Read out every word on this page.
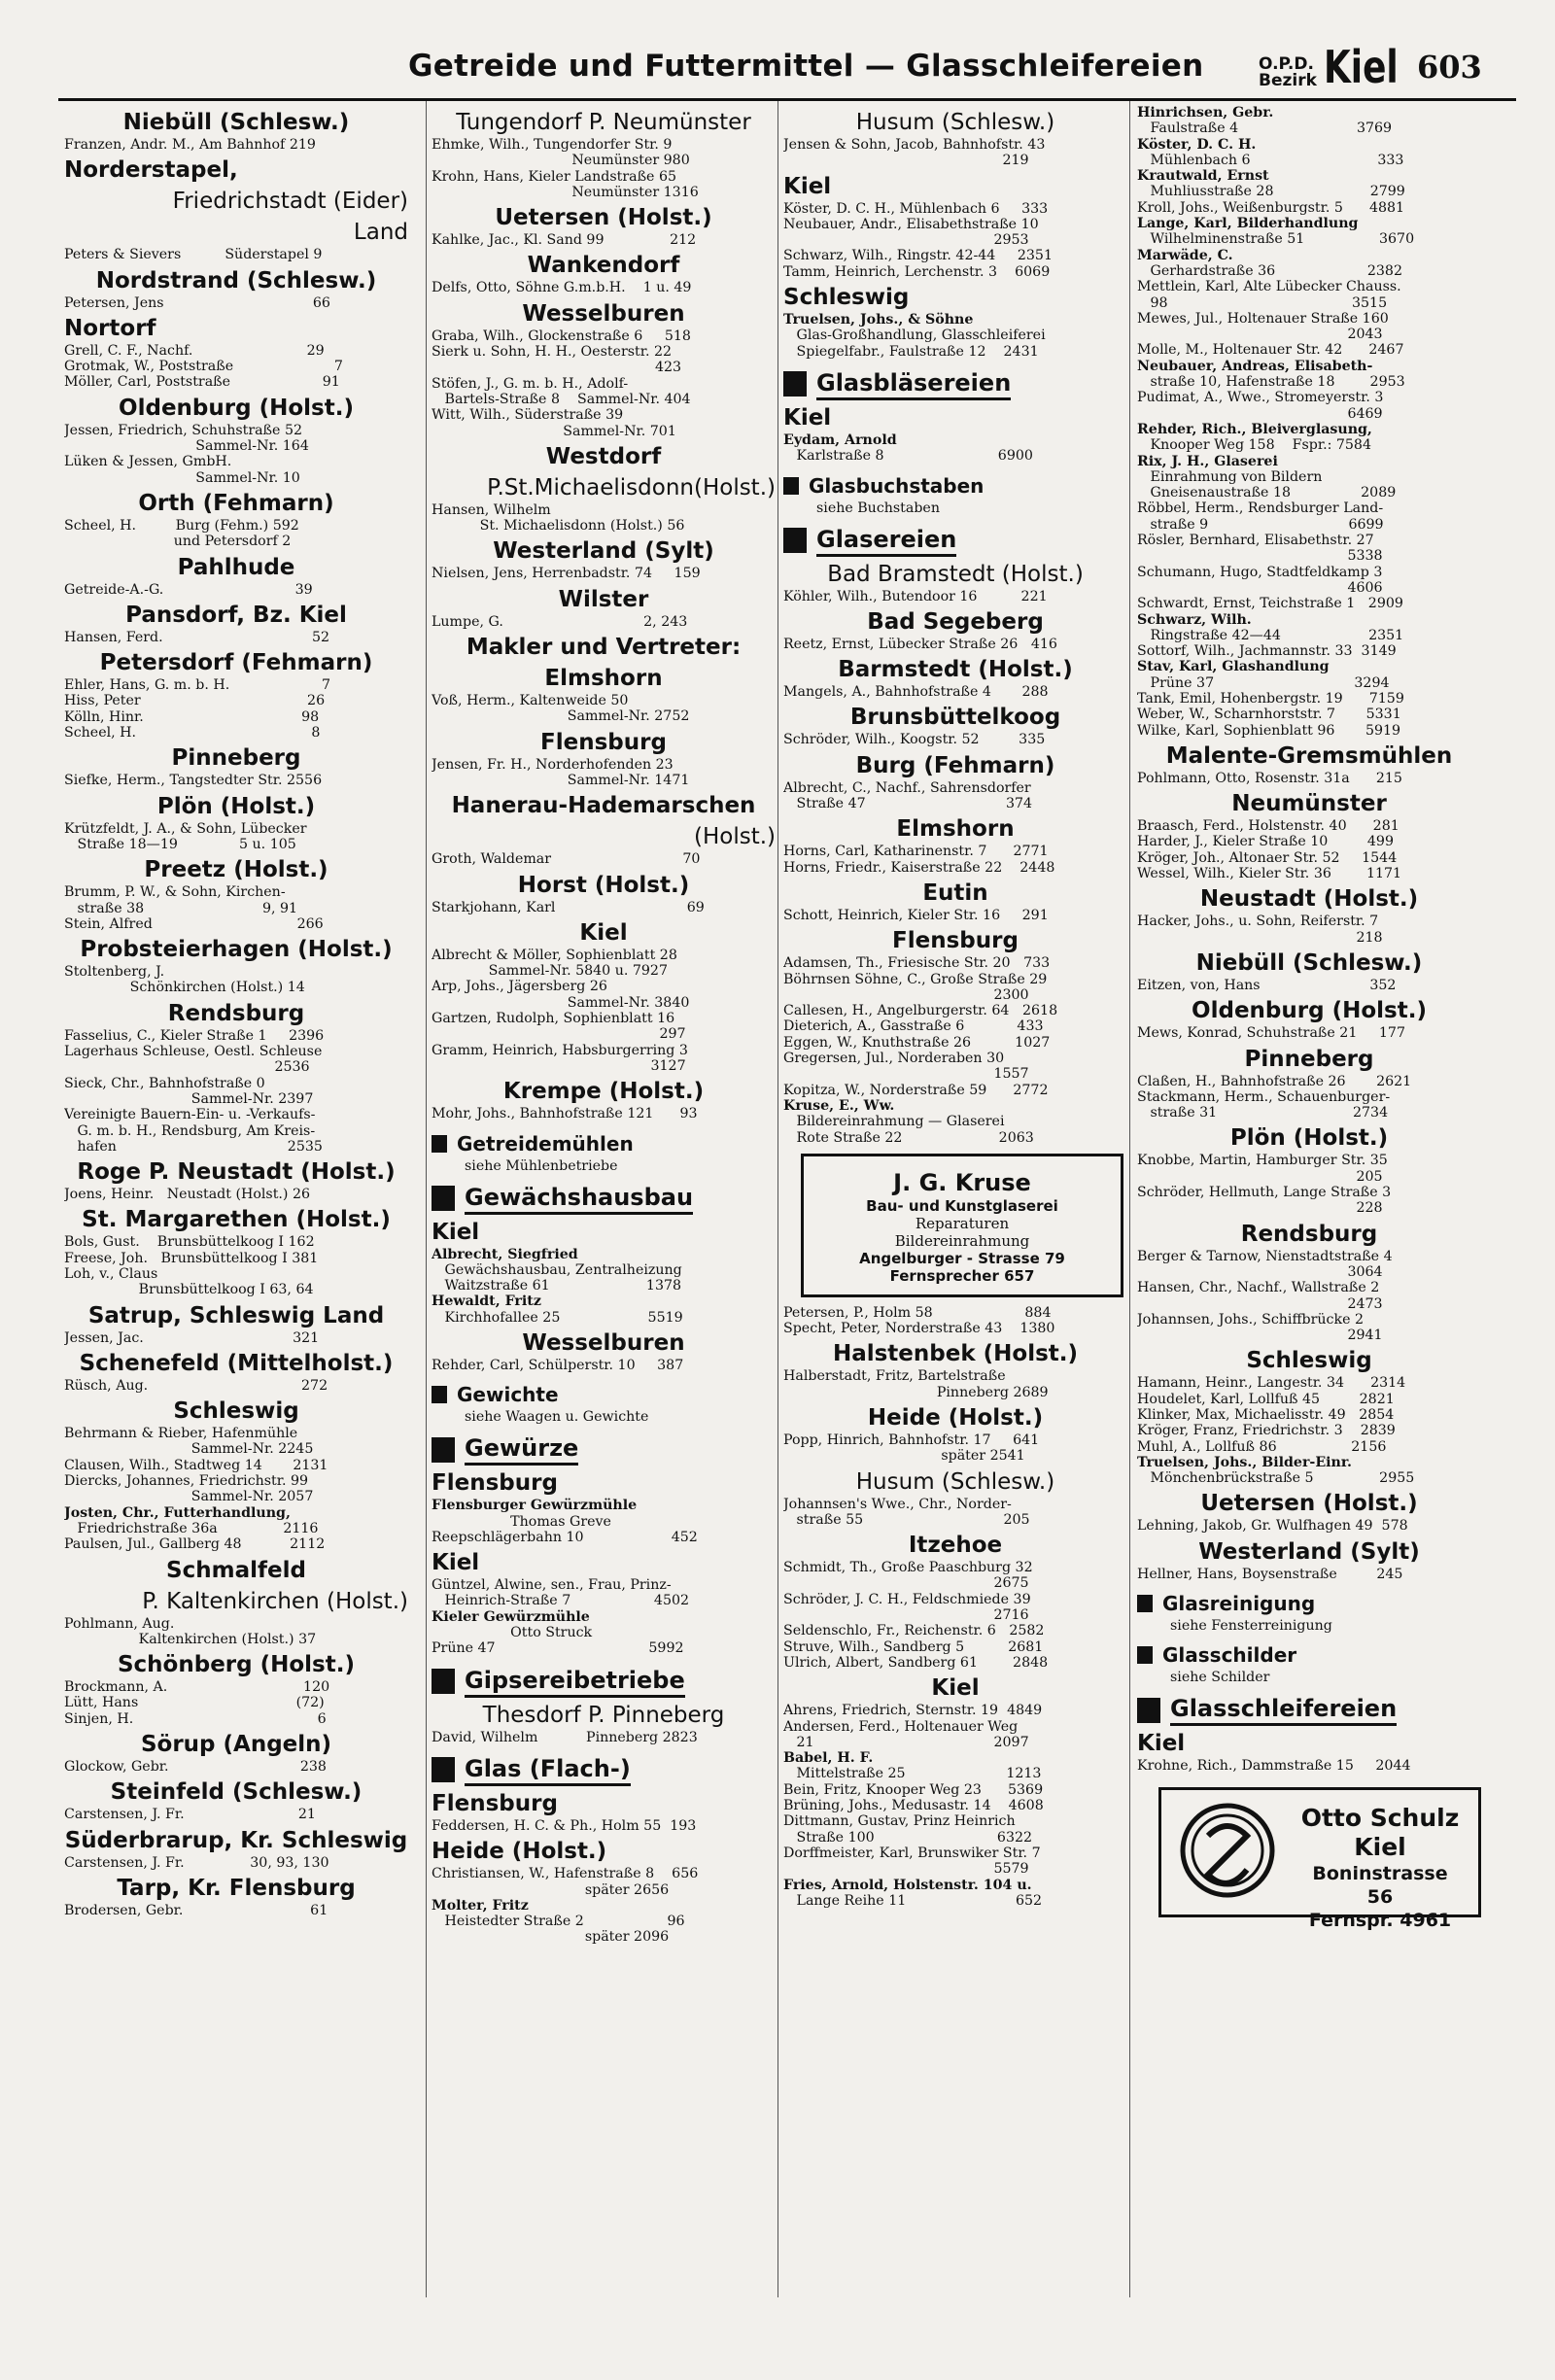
Getreide und Futtermittel — Glasschleifereien	O.P.D.
Bezirk Kiel 603
Niebüll (Schlesw.)
Franzen, Andr. M., Am Bahnhof 219
Norderstapel,
Friedrichstadt (Eider)
Land
Peters & Sievers          Süderstapel 9
Nordstrand (Schlesw.)
Petersen, Jens                                  66
Nortorf
Grell, C. F., Nachf.                          29
Grotmak, W., Poststraße                       7
Möller, Carl, Poststraße                     91
Oldenburg (Holst.)
Jessen, Friedrich, Schuhstraße 52
Sammel-Nr. 164
Lüken & Jessen, GmbH.
Sammel-Nr. 10
Orth (Fehmarn)
Scheel, H.         Burg (Fehm.) 592
und Petersdorf 2
Pahlhude
Getreide-A.-G.                              39
Pansdorf, Bz. Kiel
Hansen, Ferd.                                  52
Petersdorf (Fehmarn)
Ehler, Hans, G. m. b. H.                     7
Hiss, Peter                                      26
Kölln, Hinr.                                    98
Scheel, H.                                        8
Pinneberg
Siefke, Herm., Tangstedter Str. 2556
Plön (Holst.)
Krützfeldt, J. A., & Sohn, Lübecker
Straße 18—19              5 u. 105
Preetz (Holst.)
Brumm, P. W., & Sohn, Kirchen-
straße 38                           9, 91
Stein, Alfred                                 266
Probsteierhagen (Holst.)
Stoltenberg, J.
Schönkirchen (Holst.) 14
Rendsburg
Fasselius, C., Kieler Straße 1     2396
Lagerhaus Schleuse, Oestl. Schleuse
2536
Sieck, Chr., Bahnhofstraße 0
Sammel-Nr. 2397
Vereinigte Bauern-Ein- u. -Verkaufs-
G. m. b. H., Rendsburg, Am Kreis-
hafen                                       2535
Roge P. Neustadt (Holst.)
Joens, Heinr.   Neustadt (Holst.) 26
St. Margarethen (Holst.)
Bols, Gust.    Brunsbüttelkoog I 162
Freese, Joh.   Brunsbüttelkoog I 381
Loh, v., Claus
Brunsbüttelkoog I 63, 64
Satrup, Schleswig Land
Jessen, Jac.                                  321
Schenefeld (Mittelholst.)
Rüsch, Aug.                                   272
Schleswig
Behrmann & Rieber, Hafenmühle
Sammel-Nr. 2245
Clausen, Wilh., Stadtweg 14       2131
Diercks, Johannes, Friedrichstr. 99
Sammel-Nr. 2057
Josten, Chr., Futterhandlung,
Friedrichstraße 36a               2116
Paulsen, Jul., Gallberg 48           2112
Schmalfeld
P. Kaltenkirchen (Holst.)
Pohlmann, Aug.
Kaltenkirchen (Holst.) 37
Schönberg (Holst.)
Brockmann, A.                               120
Lütt, Hans                                    (72)
Sinjen, H.                                          6
Sörup (Angeln)
Glockow, Gebr.                              238
Steinfeld (Schlesw.)
Carstensen, J. Fr.                          21
Süderbrarup, Kr. Schleswig
Carstensen, J. Fr.               30, 93, 130
Tarp, Kr. Flensburg
Brodersen, Gebr.                             61
Tungendorf P. Neumünster
Ehmke, Wilh., Tungendorfer Str. 9
Neumünster 980
Krohn, Hans, Kieler Landstraße 65
Neumünster 1316
Uetersen (Holst.)
Kahlke, Jac., Kl. Sand 99               212
Wankendorf
Delfs, Otto, Söhne G.m.b.H.    1 u. 49
Wesselburen
Graba, Wilh., Glockenstraße 6     518
Sierk u. Sohn, H. H., Oesterstr. 22
423
Stöfen, J., G. m. b. H., Adolf-
Bartels-Straße 8    Sammel-Nr. 404
Witt, Wilh., Süderstraße 39
Sammel-Nr. 701
Westdorf
P.St.Michaelisdonn(Holst.)
Hansen, Wilhelm
St. Michaelisdonn (Holst.) 56
Westerland (Sylt)
Nielsen, Jens, Herrenbadstr. 74     159
Wilster
Lumpe, G.                                2, 243
Makler und Vertreter:
Elmshorn
Voß, Herm., Kaltenweide 50
Sammel-Nr. 2752
Flensburg
Jensen, Fr. H., Norderhofenden 23
Sammel-Nr. 1471
Hanerau-Hademarschen
(Holst.)
Groth, Waldemar                              70
Horst (Holst.)
Starkjohann, Karl                              69
Kiel
Albrecht & Möller, Sophienblatt 28
Sammel-Nr. 5840 u. 7927
Arp, Johs., Jägersberg 26
Sammel-Nr. 3840
Gartzen, Rudolph, Sophienblatt 16
297
Gramm, Heinrich, Habsburgerring 3
3127
Krempe (Holst.)
Mohr, Johs., Bahnhofstraße 121      93
Getreidemühlen
siehe Mühlenbetriebe
Gewächshausbau
Kiel
Albrecht, Siegfried
Gewächshausbau, Zentralheizung
Waitzstraße 61                      1378
Hewaldt, Fritz
Kirchhofallee 25                    5519
Wesselburen
Rehder, Carl, Schülperstr. 10     387
Gewichte
siehe Waagen u. Gewichte
Gewürze
Flensburg
Flensburger Gewürzmühle
Thomas Greve
Reepschlägerbahn 10                    452
Kiel
Güntzel, Alwine, sen., Frau, Prinz-
Heinrich-Straße 7                   4502
Kieler Gewürzmühle
Otto Struck
Prüne 47                                   5992
Gipsereibetriebe
Thesdorf P. Pinneberg
David, Wilhelm           Pinneberg 2823
Glas (Flach-)
Flensburg
Feddersen, H. C. & Ph., Holm 55  193
Heide (Holst.)
Christiansen, W., Hafenstraße 8    656
später 2656
Molter, Fritz
Heistedter Straße 2                   96
später 2096
Husum (Schlesw.)
Jensen & Sohn, Jacob, Bahnhofstr. 43
219
Kiel
Köster, D. C. H., Mühlenbach 6     333
Neubauer, Andr., Elisabethstraße 10
2953
Schwarz, Wilh., Ringstr. 42-44     2351
Tamm, Heinrich, Lerchenstr. 3    6069
Schleswig
Truelsen, Johs., & Söhne
Glas-Großhandlung, Glasschleiferei
Spiegelfabr., Faulstraße 12    2431
Glasbläsereien
Kiel
Eydam, Arnold
Karlstraße 8                          6900
Glasbuchstaben
siehe Buchstaben
Glasereien
Bad Bramstedt (Holst.)
Köhler, Wilh., Butendoor 16          221
Bad Segeberg
Reetz, Ernst, Lübecker Straße 26   416
Barmstedt (Holst.)
Mangels, A., Bahnhofstraße 4       288
Brunsbüttelkoog
Schröder, Wilh., Koogstr. 52         335
Burg (Fehmarn)
Albrecht, C., Nachf., Sahrensdorfer
Straße 47                                374
Elmshorn
Horns, Carl, Katharinenstr. 7      2771
Horns, Friedr., Kaiserstraße 22    2448
Eutin
Schott, Heinrich, Kieler Str. 16     291
Flensburg
Adamsen, Th., Friesische Str. 20   733
Böhrnsen Söhne, C., Große Straße 29
2300
Callesen, H., Angelburgerstr. 64   2618
Dieterich, A., Gasstraße 6            433
Eggen, W., Knuthstraße 26          1027
Gregersen, Jul., Norderaben 30
1557
Kopitza, W., Norderstraße 59      2772
Kruse, E., Ww.
Bildereinrahmung — Glaserei
Rote Straße 22                      2063
J. G. Kruse
Bau- und Kunstglaserei
Reparaturen
Bildereinrahmung
Angelburger - Strasse 79
Fernsprecher 657
Petersen, P., Holm 58                     884
Specht, Peter, Norderstraße 43    1380
Halstenbek (Holst.)
Halberstadt, Fritz, Bartelstraße
Pinneberg 2689
Heide (Holst.)
Popp, Hinrich, Bahnhofstr. 17     641
später 2541
Husum (Schlesw.)
Johannsen's Wwe., Chr., Norder-
straße 55                                205
Itzehoe
Schmidt, Th., Große Paaschburg 32
2675
Schröder, J. C. H., Feldschmiede 39
2716
Seldenschlo, Fr., Reichenstr. 6   2582
Struve, Wilh., Sandberg 5          2681
Ulrich, Albert, Sandberg 61        2848
Kiel
Ahrens, Friedrich, Sternstr. 19  4849
Andersen, Ferd., Holtenauer Weg
21                                         2097
Babel, H. F.
Mittelstraße 25                       1213
Bein, Fritz, Knooper Weg 23      5369
Brüning, Johs., Medusastr. 14    4608
Dittmann, Gustav, Prinz Heinrich
Straße 100                            6322
Dorffmeister, Karl, Brunswiker Str. 7
5579
Fries, Arnold, Holstenstr. 104 u.
Lange Reihe 11                         652
Hinrichsen, Gebr.
Faulstraße 4                           3769
Köster, D. C. H.
Mühlenbach 6                             333
Krautwald, Ernst
Muhliusstraße 28                      2799
Kroll, Johs., Weißenburgstr. 5      4881
Lange, Karl, Bilderhandlung
Wilhelminenstraße 51                 3670
Marwäde, C.
Gerhardstraße 36                     2382
Mettlein, Karl, Alte Lübecker Chauss.
98                                          3515
Mewes, Jul., Holtenauer Straße 160
2043
Molle, M., Holtenauer Str. 42      2467
Neubauer, Andreas, Elisabeth-
straße 10, Hafenstraße 18        2953
Pudimat, A., Wwe., Stromeyerstr. 3
6469
Rehder, Rich., Bleiverglasung,
Knooper Weg 158    Fspr.: 7584
Rix, J. H., Glaserei
Einrahmung von Bildern
Gneisenaustraße 18                2089
Röbbel, Herm., Rendsburger Land-
straße 9                                6699
Rösler, Bernhard, Elisabethstr. 27
5338
Schumann, Hugo, Stadtfeldkamp 3
4606
Schwardt, Ernst, Teichstraße 1   2909
Schwarz, Wilh.
Ringstraße 42—44                    2351
Sottorf, Wilh., Jachmannstr. 33  3149
Stav, Karl, Glashandlung
Prüne 37                                3294
Tank, Emil, Hohenbergstr. 19      7159
Weber, W., Scharnhorststr. 7       5331
Wilke, Karl, Sophienblatt 96       5919
Malente-Gremsmühlen
Pohlmann, Otto, Rosenstr. 31a      215
Neumünster
Braasch, Ferd., Holstenstr. 40      281
Harder, J., Kieler Straße 10         499
Kröger, Joh., Altonaer Str. 52     1544
Wessel, Wilh., Kieler Str. 36        1171
Neustadt (Holst.)
Hacker, Johs., u. Sohn, Reiferstr. 7
218
Niebüll (Schlesw.)
Eitzen, von, Hans                         352
Oldenburg (Holst.)
Mews, Konrad, Schuhstraße 21     177
Pinneberg
Claßen, H., Bahnhofstraße 26       2621
Stackmann, Herm., Schauenburger-
straße 31                               2734
Plön (Holst.)
Knobbe, Martin, Hamburger Str. 35
205
Schröder, Hellmuth, Lange Straße 3
228
Rendsburg
Berger & Tarnow, Nienstadtstraße 4
3064
Hansen, Chr., Nachf., Wallstraße 2
2473
Johannsen, Johs., Schiffbrücke 2
2941
Schleswig
Hamann, Heinr., Langestr. 34      2314
Houdelet, Karl, Lollfuß 45         2821
Klinker, Max, Michaelisstr. 49   2854
Kröger, Franz, Friedrichstr. 3    2839
Muhl, A., Lollfuß 86                 2156
Truelsen, Johs., Bilder-Einr.
Mönchenbrückstraße 5               2955
Uetersen (Holst.)
Lehning, Jakob, Gr. Wulfhagen 49  578
Westerland (Sylt)
Hellner, Hans, Boysenstraße         245
Glasreinigung
siehe Fensterreinigung
Glasschilder
siehe Schilder
Glasschleifereien
Kiel
Krohne, Rich., Dammstraße 15     2044
Otto Schulz
Kiel
Boninstrasse 56
Fernspr. 4961
